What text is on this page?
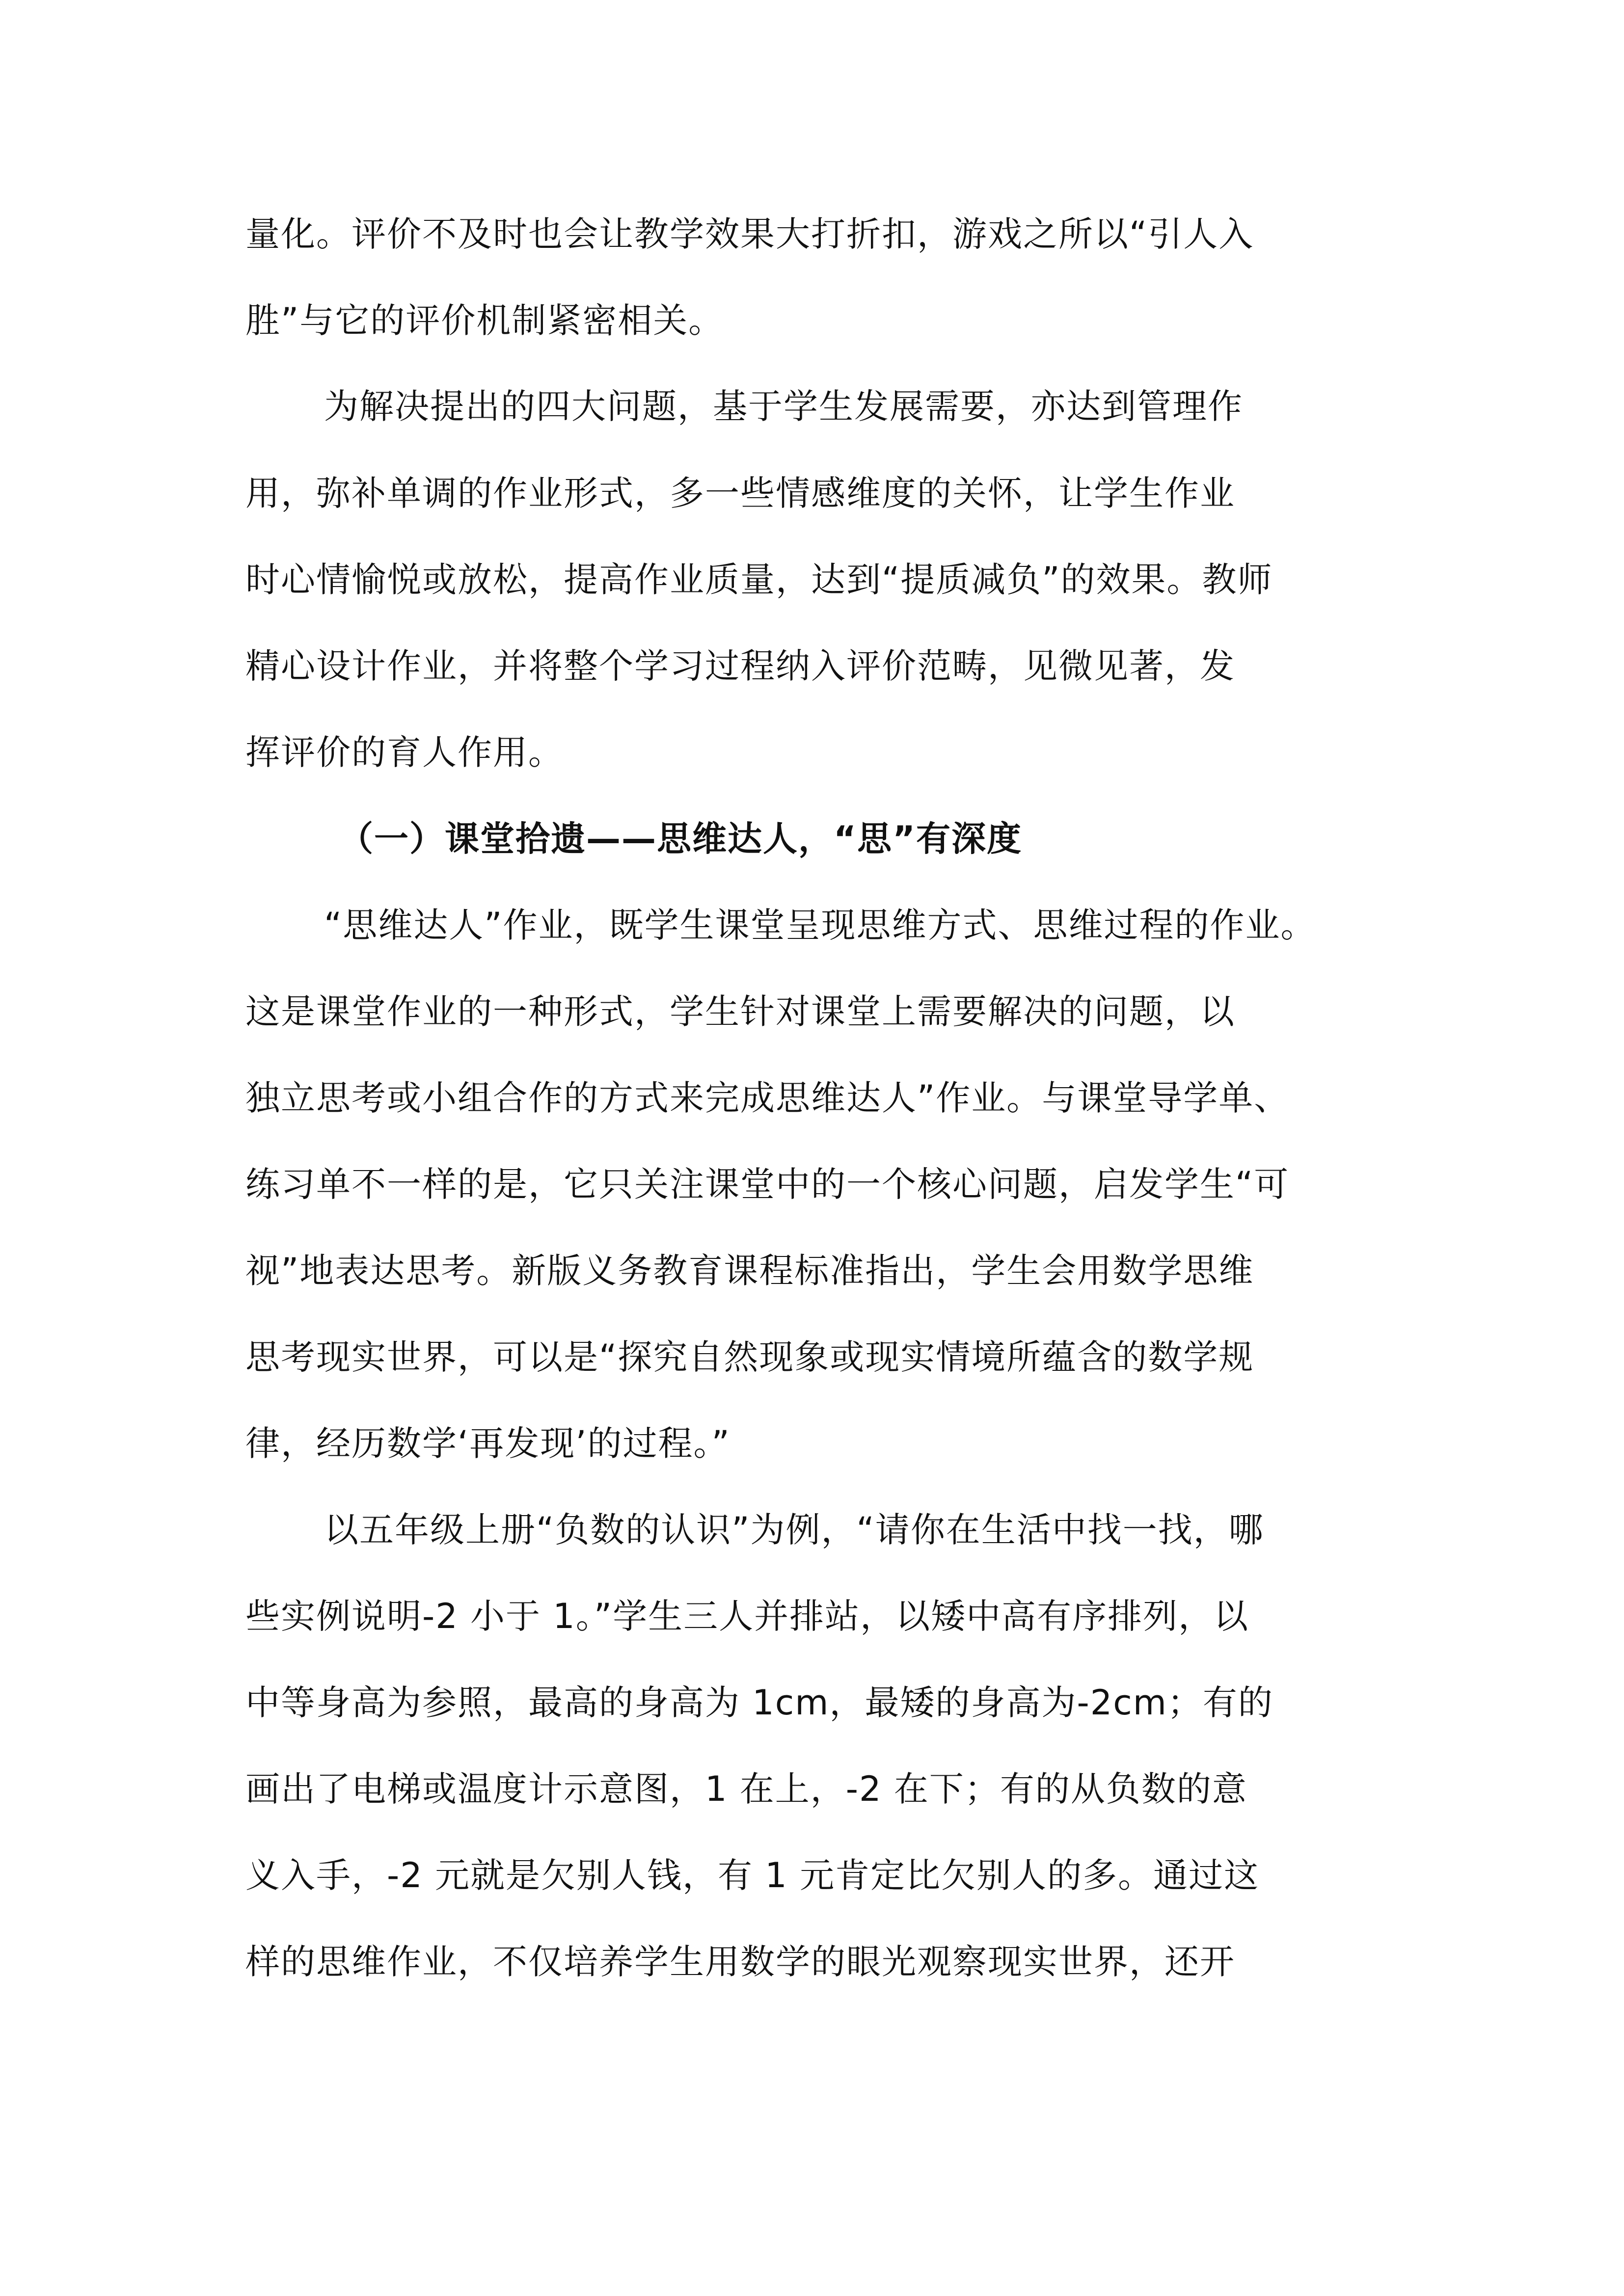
量化。评价不及时也会让教学效果大打折扣，游戏之所以“引人入
胜”与它的评价机制紧密相关。
为解决提出的四大问题，基于学生发展需要，亦达到管理作
用，弥补单调的作业形式，多一些情感维度的关怀，让学生作业
时心情愉悦或放松，提高作业质量，达到“提质减负”的效果。教师
精心设计作业，并将整个学习过程纳入评价范畴，见微见著，发
挥评价的育人作用。
（一）课堂拾遗——思维达人，“思”有深度
“思维达人”作业，既学生课堂呈现思维方式、思维过程的作业。
这是课堂作业的一种形式，学生针对课堂上需要解决的问题，以
独立思考或小组合作的方式来完成思维达人”作业。与课堂导学单、
练习单不一样的是，它只关注课堂中的一个核心问题，启发学生“可
视”地表达思考。新版义务教育课程标准指出，学生会用数学思维
思考现实世界，可以是“探究自然现象或现实情境所蕴含的数学规
律，经历数学‘再发现’的过程。”
以五年级上册“负数的认识”为例，“请你在生活中找一找，哪
些实例说明-2 小于 1。”学生三人并排站，以矮中高有序排列，以
中等身高为参照，最高的身高为 1cm，最矮的身高为-2cm；有的
画出了电梯或温度计示意图，1 在上，-2 在下；有的从负数的意
义入手，-2 元就是欠别人钱，有 1 元肯定比欠别人的多。通过这
样的思维作业，不仅培养学生用数学的眼光观察现实世界，还开
